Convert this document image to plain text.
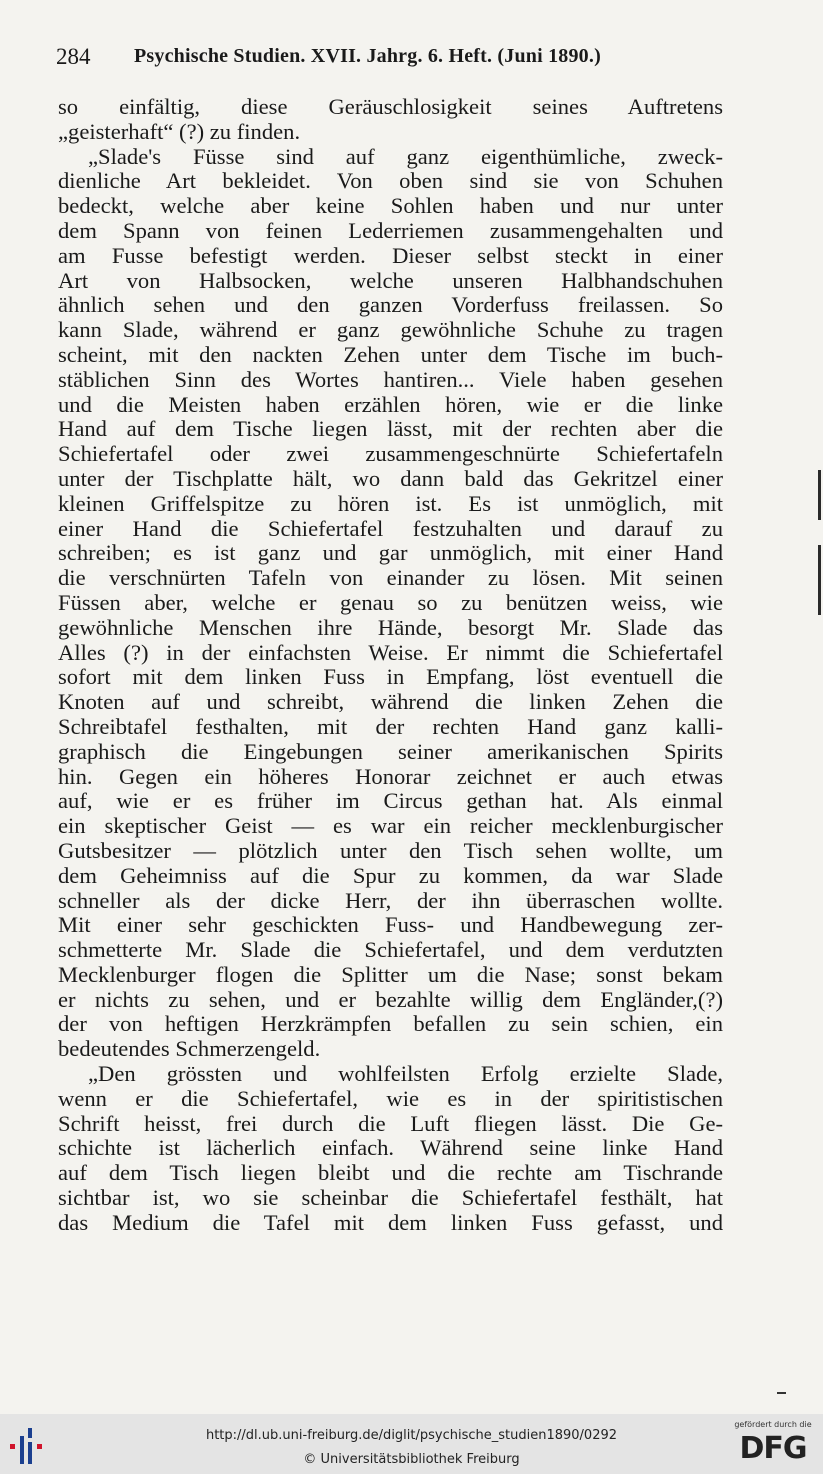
284 Psychische Studien. XVII. Jahrg. 6. Heft. (Juni 1890.)
so einfältig, diese Geräuschlosigkeit seines Auftretens
„geisterhaft“ (?) zu finden.
„Slade's Füsse sind auf ganz eigenthümliche, zweck-
dienliche Art bekleidet. Von oben sind sie von Schuhen
bedeckt, welche aber keine Sohlen haben und nur unter
dem Spann von feinen Lederriemen zusammengehalten und
am Fusse befestigt werden. Dieser selbst steckt in einer
Art von Halbsocken, welche unseren Halbhandschuhen
ähnlich sehen und den ganzen Vorderfuss freilassen. So
kann Slade, während er ganz gewöhnliche Schuhe zu tragen
scheint, mit den nackten Zehen unter dem Tische im buch-
stäblichen Sinn des Wortes hantiren... Viele haben gesehen
und die Meisten haben erzählen hören, wie er die linke
Hand auf dem Tische liegen lässt, mit der rechten aber die
Schiefertafel oder zwei zusammengeschnürte Schiefertafeln
unter der Tischplatte hält, wo dann bald das Gekritzel einer
kleinen Griffelspitze zu hören ist. Es ist unmöglich, mit
einer Hand die Schiefertafel festzuhalten und darauf zu
schreiben; es ist ganz und gar unmöglich, mit einer Hand
die verschnürten Tafeln von einander zu lösen. Mit seinen
Füssen aber, welche er genau so zu benützen weiss, wie
gewöhnliche Menschen ihre Hände, besorgt Mr. Slade das
Alles (?) in der einfachsten Weise. Er nimmt die Schiefertafel
sofort mit dem linken Fuss in Empfang, löst eventuell die
Knoten auf und schreibt, während die linken Zehen die
Schreibtafel festhalten, mit der rechten Hand ganz kalli-
graphisch die Eingebungen seiner amerikanischen Spirits
hin. Gegen ein höheres Honorar zeichnet er auch etwas
auf, wie er es früher im Circus gethan hat. Als einmal
ein skeptischer Geist — es war ein reicher mecklenburgischer
Gutsbesitzer — plötzlich unter den Tisch sehen wollte, um
dem Geheimniss auf die Spur zu kommen, da war Slade
schneller als der dicke Herr, der ihn überraschen wollte.
Mit einer sehr geschickten Fuss- und Handbewegung zer-
schmetterte Mr. Slade die Schiefertafel, und dem verdutzten
Mecklenburger flogen die Splitter um die Nase; sonst bekam
er nichts zu sehen, und er bezahlte willig dem Engländer,(?)
der von heftigen Herzkrämpfen befallen zu sein schien, ein
bedeutendes Schmerzengeld.
„Den grössten und wohlfeilsten Erfolg erzielte Slade,
wenn er die Schiefertafel, wie es in der spiritistischen
Schrift heisst, frei durch die Luft fliegen lässt. Die Ge-
schichte ist lächerlich einfach. Während seine linke Hand
auf dem Tisch liegen bleibt und die rechte am Tischrande
sichtbar ist, wo sie scheinbar die Schiefertafel festhält, hat
das Medium die Tafel mit dem linken Fuss gefasst, und
http://dl.ub.uni-freiburg.de/diglit/psychische_studien1890/0292
© Universitätsbibliothek Freiburg
gefördert durch die
DFG
